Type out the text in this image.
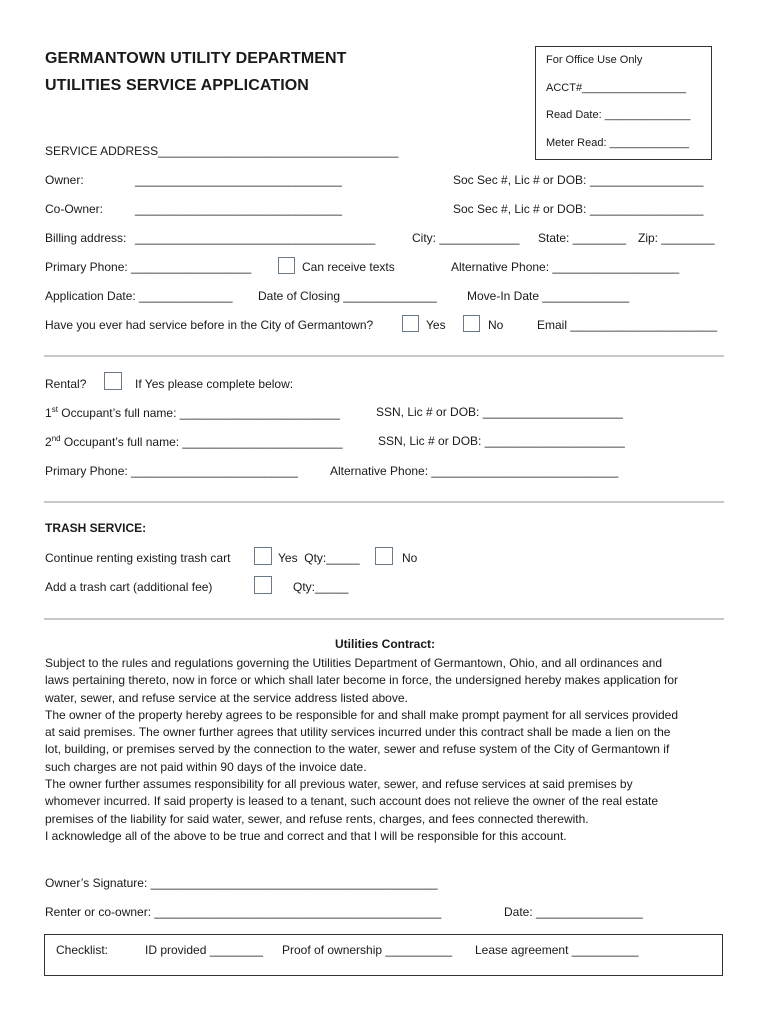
GERMANTOWN UTILITY DEPARTMENT
UTILITIES SERVICE APPLICATION
For Office Use Only
ACCT#_________________
Read Date: ______________
Meter Read: _____________
SERVICE ADDRESS____________________________________
Owner:	_______________________________	Soc Sec #, Lic # or DOB: _________________
Co-Owner:	_______________________________	Soc Sec #, Lic # or DOB: _________________
Billing address: ____________________________________	City: ____________ State: ________ Zip: ________
Primary Phone: __________________	Can receive texts	Alternative Phone: ___________________
Application Date: ______________ Date of Closing ______________	Move-In Date _____________
Have you ever had service before in the City of Germantown?	Yes	No	Email ______________________
Rental?	If Yes please complete below:
1st Occupant’s full name: ________________________	SSN, Lic # or DOB: _____________________
2nd Occupant’s full name: ________________________	SSN, Lic # or DOB: _____________________
Primary Phone: _________________________	Alternative Phone: ____________________________
TRASH SERVICE:
Continue renting existing trash cart	Yes  Qty:_____	No
Add a trash cart (additional fee)	Qty:_____
Utilities Contract:
Subject to the rules and regulations governing the Utilities Department of Germantown, Ohio, and all ordinances and
laws pertaining thereto, now in force or which shall later become in force, the undersigned hereby makes application for
water, sewer, and refuse service at the service address listed above.
The owner of the property hereby agrees to be responsible for and shall make prompt payment for all services provided
at said premises. The owner further agrees that utility services incurred under this contract shall be made a lien on the
lot, building, or premises served by the connection to the water, sewer and refuse system of the City of Germantown if
such charges are not paid within 90 days of the invoice date.
The owner further assumes responsibility for all previous water, sewer, and refuse services at said premises by
whomever incurred. If said property is leased to a tenant, such account does not relieve the owner of the real estate
premises of the liability for said water, sewer, and refuse rents, charges, and fees connected therewith.
I acknowledge all of the above to be true and correct and that I will be responsible for this account.
Owner’s Signature: ___________________________________________
Renter or co-owner: ___________________________________________	Date: ________________
Checklist:	ID provided ________ Proof of ownership __________ Lease agreement __________
